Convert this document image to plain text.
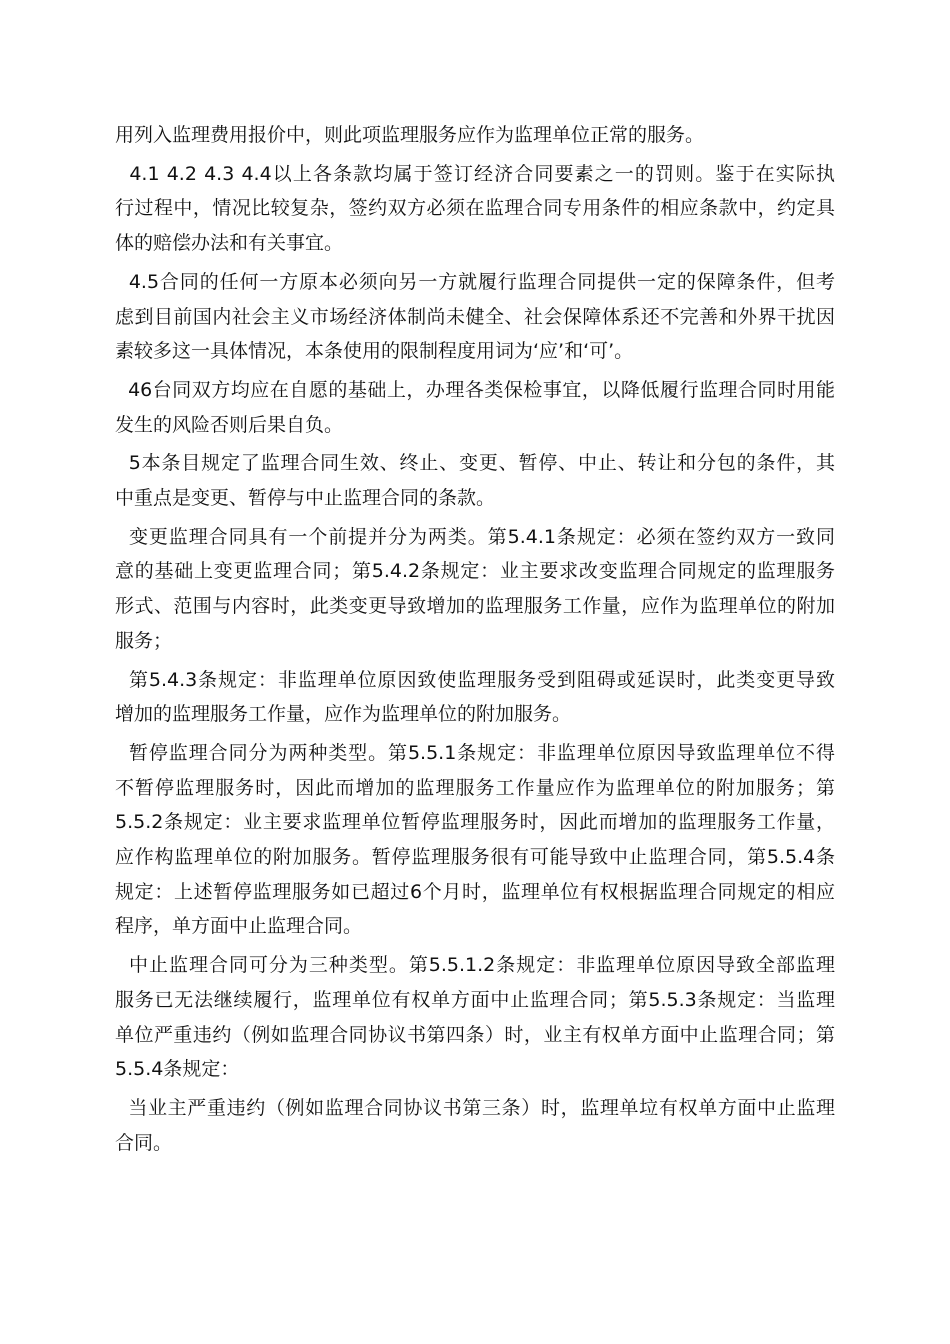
用列入监理费用报价中，则此项监理服务应作为监理单位正常的服务。

4.1 4.2 4.3 4.4以上各条款均属于签订经济合同要素之一的罚则。鉴于在实际执
行过程中，情况比较复杂，签约双方必须在监理合同专用条件的相应条款中，约定具
体的赔偿办法和有关事宜。

4.5合同的任何一方原本必须向另一方就履行监理合同提供一定的保障条件，但考
虑到目前国内社会主义市场经济体制尚未健全、社会保障体系还不完善和外界干扰因
素较多这一具体情况，本条使用的限制程度用词为‘应’和‘可’。

46台同双方均应在自愿的基础上，办理各类保检事宜，以降低履行监理合同时用能
发生的风险否则后果自负。

5本条目规定了监理合同生效、终止、变更、暂停、中止、转让和分包的条件，其
中重点是变更、暂停与中止监理合同的条款。

变更监理合同具有一个前提并分为两类。第5.4.1条规定：必须在签约双方一致同
意的基础上变更监理合同；第5.4.2条规定：业主要求改变监理合同规定的监理服务
形式、范围与内容时，此类变更导致增加的监理服务工作量，应作为监理单位的附加
服务；

第5.4.3条规定：非监理单位原因致使监理服务受到阻碍或延误时，此类变更导致
增加的监理服务工作量，应作为监理单位的附加服务。

暂停监理合同分为两种类型。第5.5.1条规定：非监理单位原因导致监理单位不得
不暂停监理服务时，因此而增加的监理服务工作量应作为监理单位的附加服务；第
5.5.2条规定：业主要求监理单位暂停监理服务时，因此而增加的监理服务工作量，
应作构监理单位的附加服务。暂停监理服务很有可能导致中止监理合同，第5.5.4条
规定：上述暂停监理服务如已超过6个月时，监理单位有权根据监理合同规定的相应
程序，单方面中止监理合同。

中止监理合同可分为三种类型。第5.5.1.2条规定：非监理单位原因导致全部监理
服务已无法继续履行，监理单位有权单方面中止监理合同；第5.5.3条规定：当监理
单位严重违约（例如监理合同协议书第四条）时，业主有权单方面中止监理合同；第
5.5.4条规定：

当业主严重违约（例如监理合同协议书第三条）时，监理单垃有权单方面中止监理
合同。
